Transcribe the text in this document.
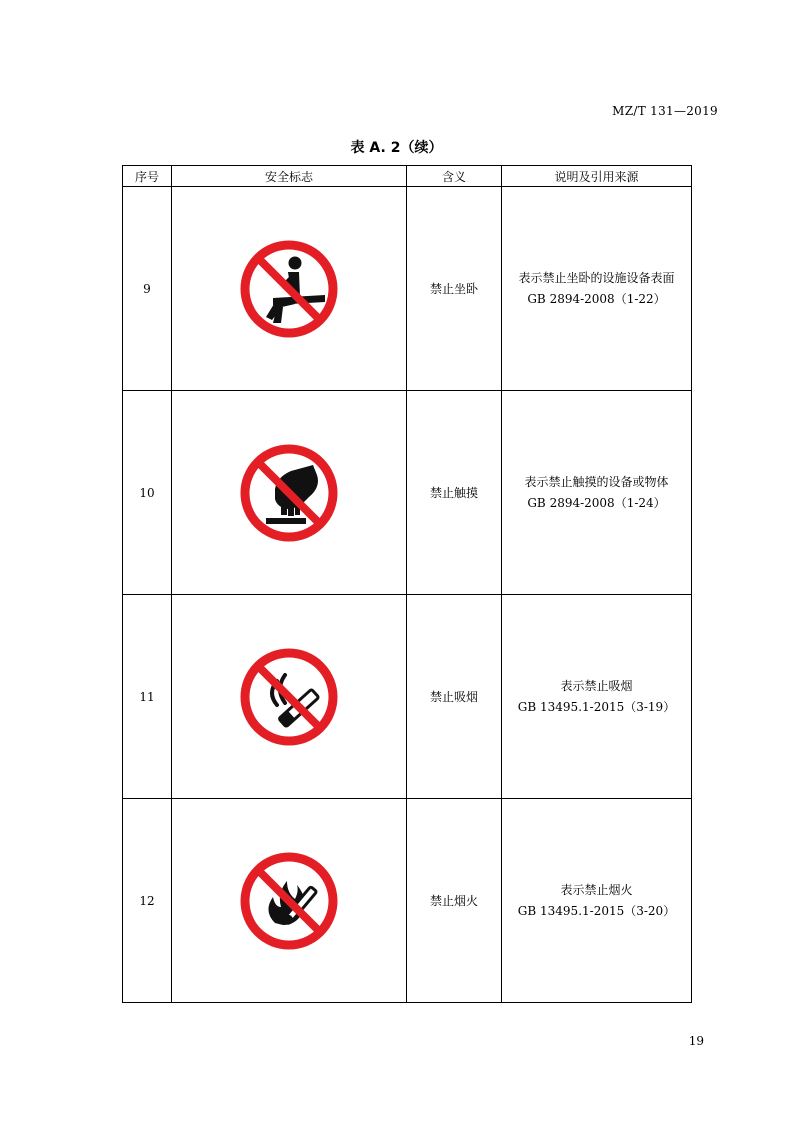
MZ/T 131—2019
表 A. 2（续）
序号	安全标志	含义	说明及引用来源
9		禁止坐卧	表示禁止坐卧的设施设备表面
GB 2894-2008（1-22）

10		禁止触摸	表示禁止触摸的设备或物体
GB 2894-2008（1-24）

11		禁止吸烟	表示禁止吸烟
GB 13495.1-2015（3-19）

12		禁止烟火	表示禁止烟火
GB 13495.1-2015（3-20）
19
